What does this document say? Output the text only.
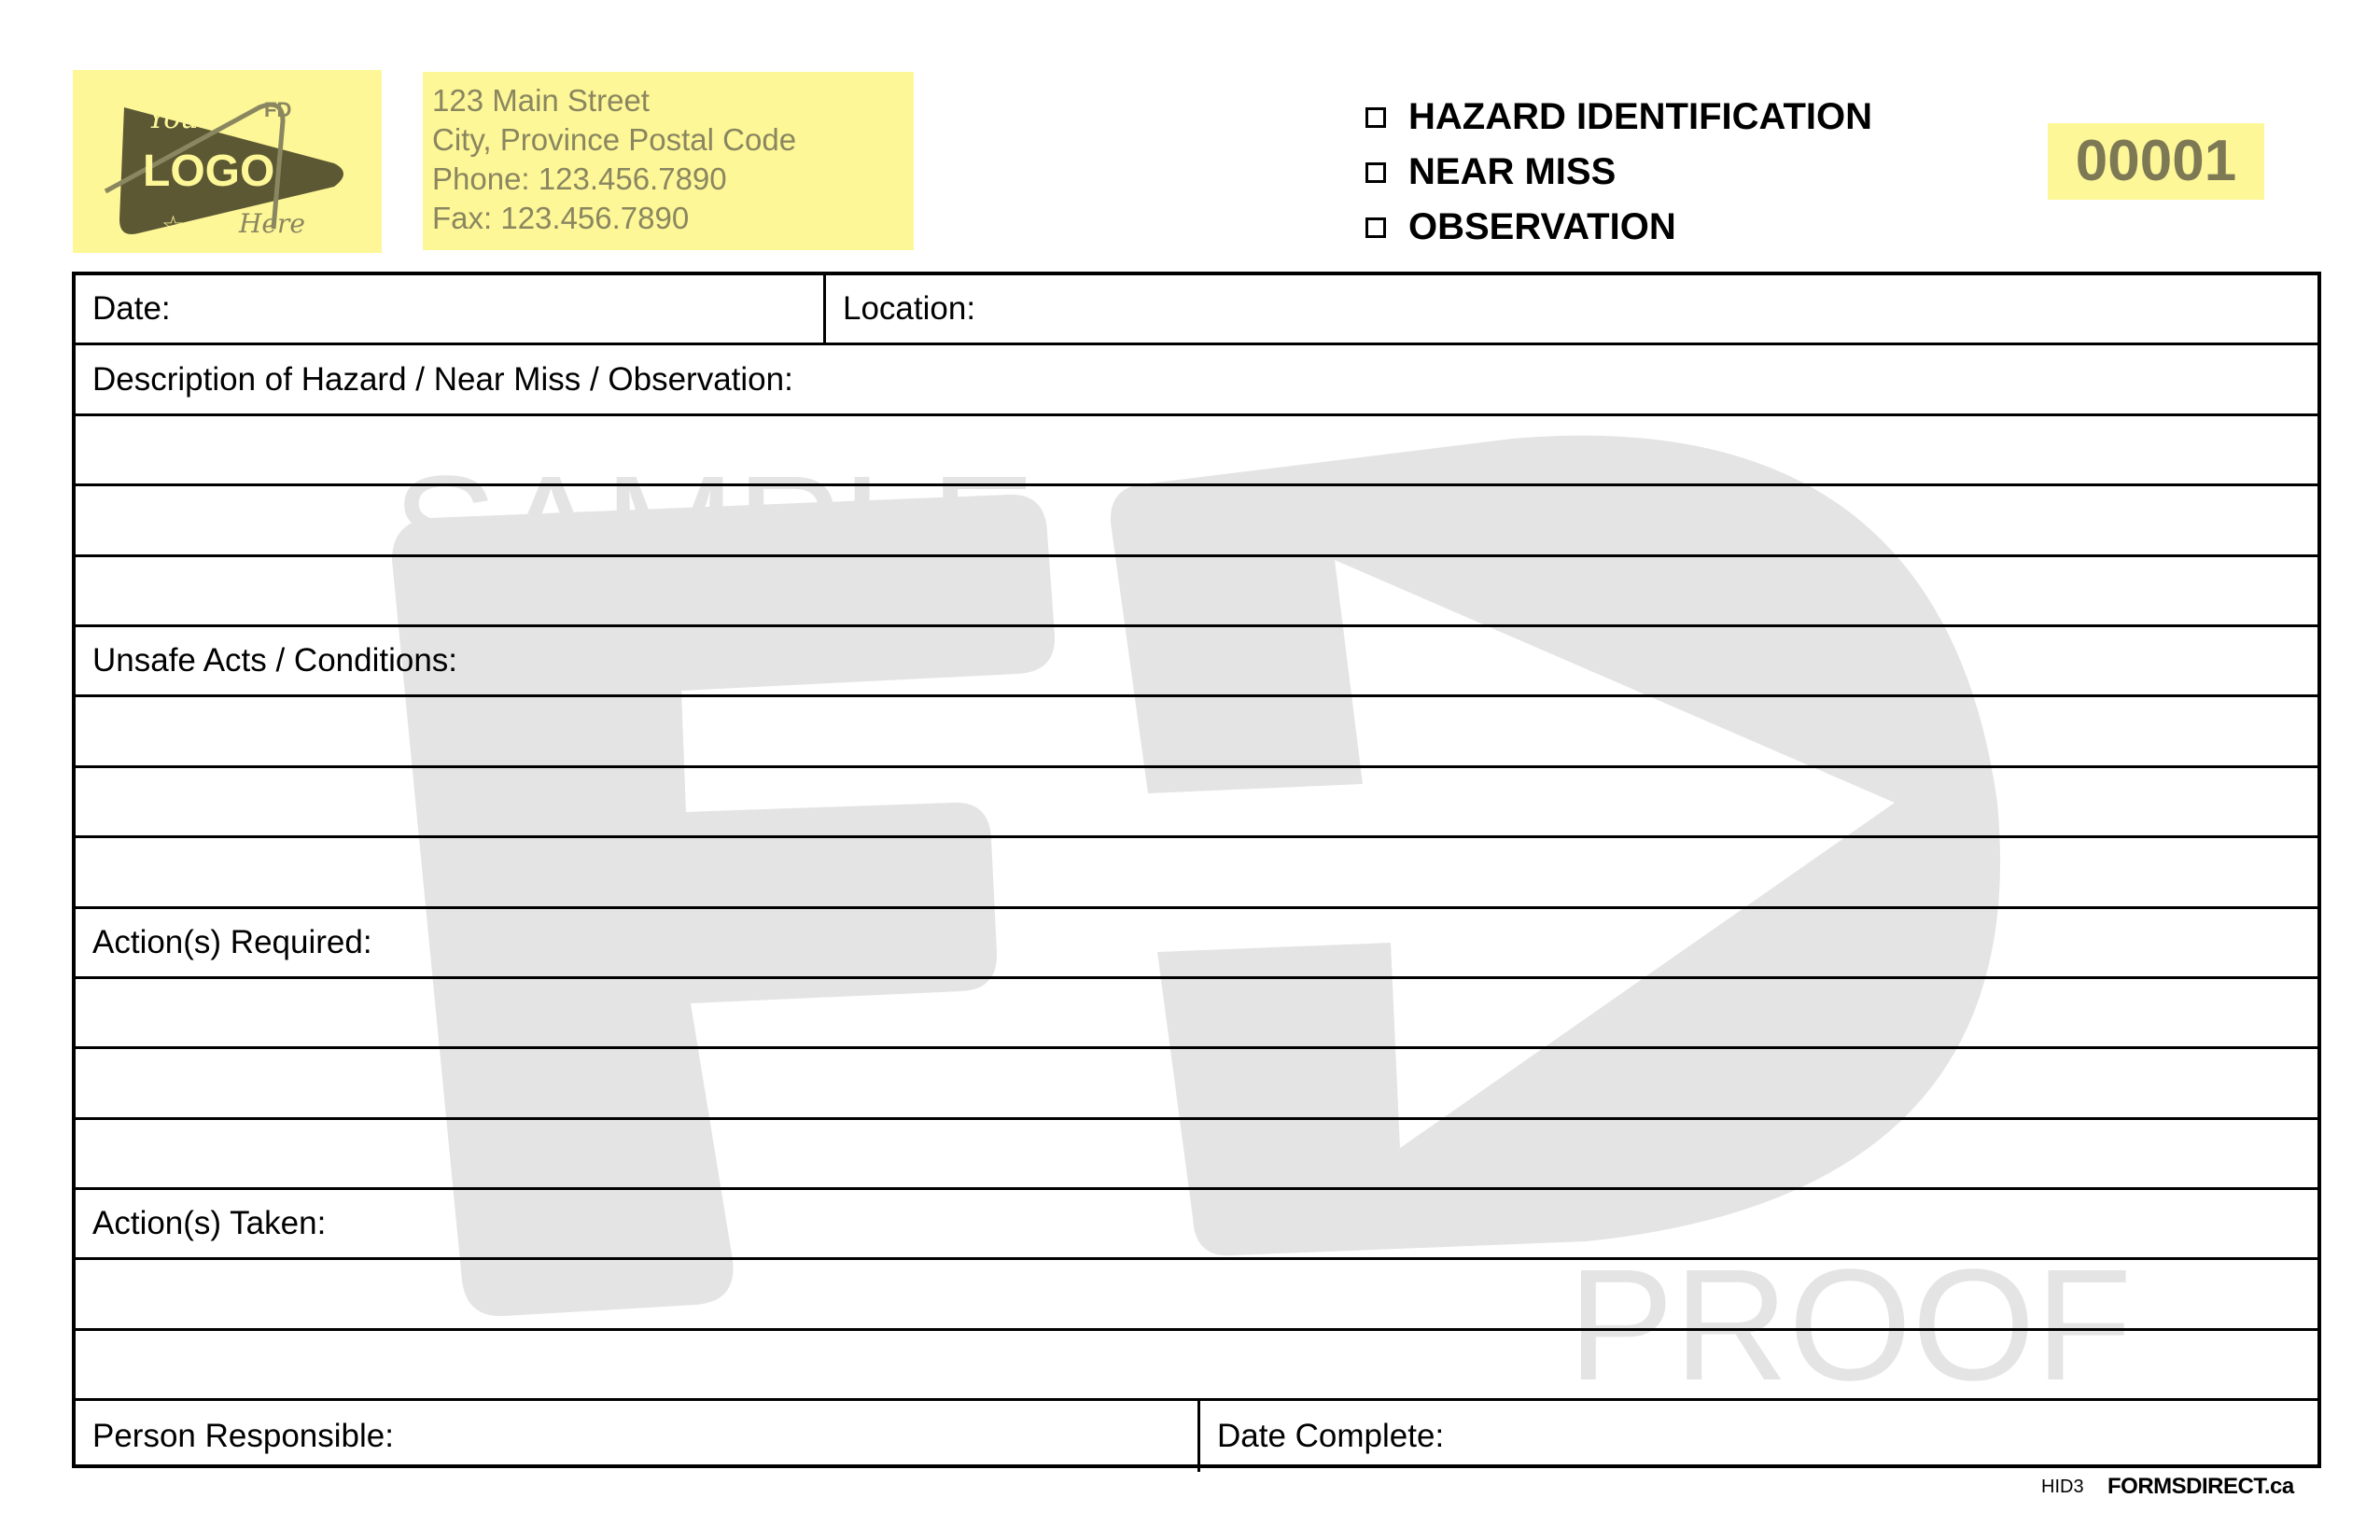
SAMPLE
PROOF
Your
LOGO
Here
FD
☆
123 Main Street
City, Province Postal Code
Phone: 123.456.7890
Fax: 123.456.7890
HAZARD IDENTIFICATION
NEAR MISS
OBSERVATION
00001
Date:	Location:
Description of Hazard / Near Miss / Observation:
Unsafe Acts / Conditions:
Action(s) Required:
Action(s) Taken:
Person Responsible:	Date Complete:
HID3 FORMSDIRECT.ca
